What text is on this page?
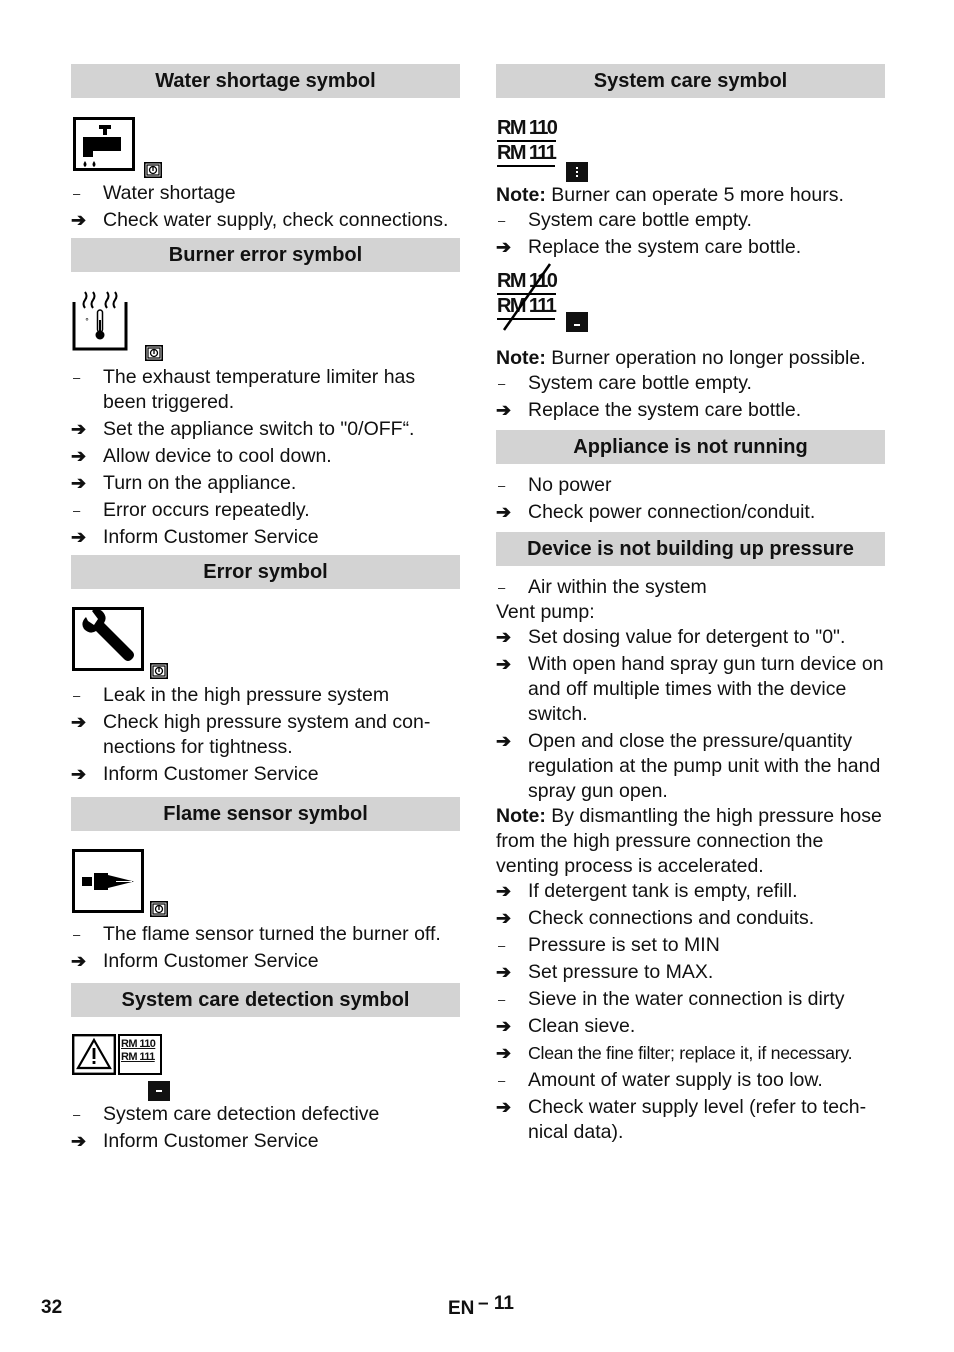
Water shortage symbol
–	Water shortage
➔ Check water supply, check connections.
Burner error symbol
°
–	The exhaust temperature limiter has been triggered.
➔ Set the appliance switch to "0/OFF“.
➔ Allow device to cool down.
➔ Turn on the appliance.
–	Error occurs repeatedly.
➔ Inform Customer Service
Error symbol
–	Leak in the high pressure system
➔ Check high pressure system and con-nections for tightness.
➔ Inform Customer Service
Flame sensor symbol
–	The flame sensor turned the burner off.
➔ Inform Customer Service
System care detection symbol
RM 110
RM 111
–	System care detection defective
➔ Inform Customer Service
System care symbol
RM 110
RM 111
Note: Burner can operate 5 more hours.
–	System care bottle empty.
➔ Replace the system care bottle.
RM 110
RM 111
Note: Burner operation no longer possible.
–	System care bottle empty.
➔ Replace the system care bottle.
Appliance is not running
–	No power
➔ Check power connection/conduit.
Device is not building up pressure
–	Air within the system
Vent pump:
➔ Set dosing value for detergent to "0".
➔ With open hand spray gun turn device on and off multiple times with the device switch.
➔ Open and close the pressure/quantity regulation at the pump unit with the hand spray gun open.
Note: By dismantling the high pressure hose from the high pressure connection the venting process is accelerated.
➔ If detergent tank is empty, refill.
➔ Check connections and conduits.
–	Pressure is set to MIN
➔ Set pressure to MAX.
–	Sieve in the water connection is dirty
➔ Clean sieve.
➔ Clean the fine filter; replace it, if necessary.
–	Amount of water supply is too low.
➔ Check water supply level (refer to tech-nical data).
32	EN – 11
